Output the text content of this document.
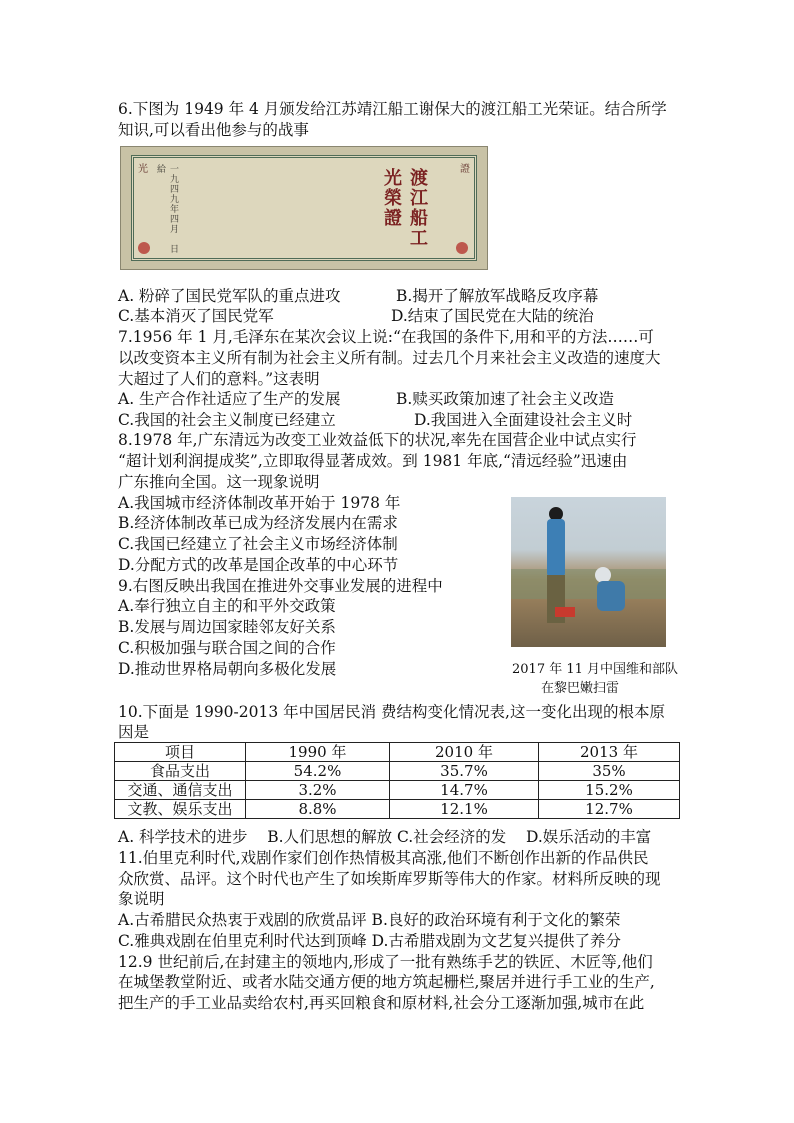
6.下图为 1949 年 4 月颁发给江苏靖江船工谢保大的渡江船工光荣证。结合所学
知识,可以看出他参与的战事
光	證
一九四九年四月　日給

　　　　　　　　	渡江船工光榮證
A. 粉碎了国民党军队的重点进攻	B.揭开了解放军战略反攻序幕
C.基本消灭了国民党军	D.结束了国民党在大陆的统治
7.1956 年 1 月,毛泽东在某次会议上说:“在我国的条件下,用和平的方法……可
以改变资本主义所有制为社会主义所有制。过去几个月来社会主义改造的速度大
大超过了人们的意料。”这表明
A. 生产合作社适应了生产的发展	B.赎买政策加速了社会主义改造
C.我国的社会主义制度已经建立	D.我国进入全面建设社会主义时
8.1978 年,广东清远为改变工业效益低下的状况,率先在国营企业中试点实行
“超计划利润提成奖”,立即取得显著成效。到 1981 年底,“清远经验”迅速由
广东推向全国。这一现象说明
A.我国城市经济体制改革开始于 1978 年
B.经济体制改革已成为经济发展内在需求
C.我国已经建立了社会主义市场经济体制
D.分配方式的改革是国企改革的中心环节
9.右图反映出我国在推进外交事业发展的进程中
A.奉行独立自主的和平外交政策
B.发展与周边国家睦邻友好关系
C.积极加强与联合国之间的合作
D.推动世界格局朝向多极化发展	2017 年 11 月中国维和部队
在黎巴嫩扫雷
10.下面是 1990-2013 年中国居民消 费结构变化情况表,这一变化出现的根本原
因是
项目	1990 年	2010 年	2013 年
食品支出	54.2%	35.7%	35%
交通、通信支出	3.2%	14.7%	15.2%
文教、娱乐支出	8.8%	12.1%	12.7%
A. 科学技术的进步    B.人们思想的解放 C.社会经济的发    D.娱乐活动的丰富
11.伯里克利时代,戏剧作家们创作热情极其高涨,他们不断创作出新的作品供民
众欣赏、品评。这个时代也产生了如埃斯库罗斯等伟大的作家。材料所反映的现
象说明
A.古希腊民众热衷于戏剧的欣赏品评 B.良好的政治环境有利于文化的繁荣
C.雅典戏剧在伯里克利时代达到顶峰 D.古希腊戏剧为文艺复兴提供了养分
12.9 世纪前后,在封建主的领地内,形成了一批有熟练手艺的铁匠、木匠等,他们
在城堡教堂附近、或者水陆交通方便的地方筑起栅栏,聚居并进行手工业的生产,
把生产的手工业品卖给农村,再买回粮食和原材料,社会分工逐渐加强,城市在此
